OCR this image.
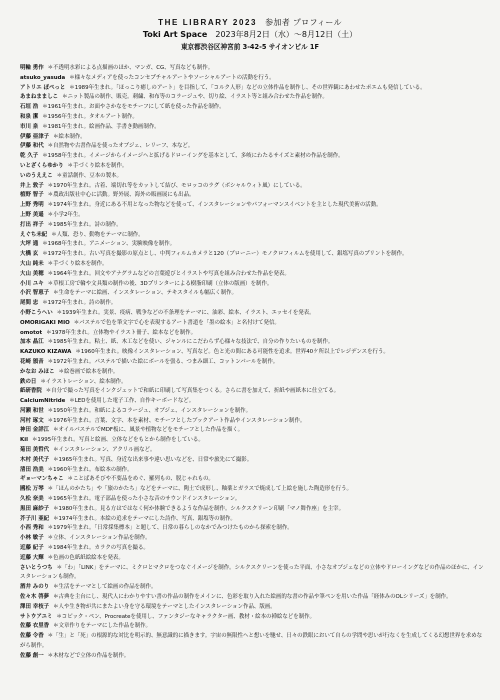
THE LIBRARY 2023 参加者 プロフィール
Toki Art Space 2023年8月2日（水）〜8月12日（土）
東京都渋谷区神宮前 3-42-5 サイオンビル 1F
明輪 勇作 ＊不透明水彩による点描画のほか、マンガ、CG、写真なども制作。
atsuko_yasuda ＊様々なメディアを使ったコンセプチャルアートやソーシャルアートの活動を行う。
アトリエ ぽぺっと ＊1989年生まれ。「ほっこり癒しのアート」を目指して、「コルク人形」などの立体作品を制作し、その世界観にあわせたポエムも発信している。
あまねまましこ ＊ニット製品の制作、販売。刺繍、和布等のコラージュや、切り絵、イラスト等と組み合わせた作品を制作。
石垣 浩 ＊1961年生まれ。お面やさかなをモチーフにして紙を使った作品を制作。
和泉 潔 ＊1956年生まれ。タオルアート制作。
市川 泉 ＊1981年生まれ。絵画作品、手書き動画制作。
伊藤 亜津子 ＊絵本制作。
伊藤 和代 ＊自然物や古書作品を使ったオブジェ、レリーフ、本など。
乾 久子 ＊1958年生まれ。イメージからイメージへと拡げるドローイングを基本として、多岐にわたるサイズと素材の作品を制作。
いとざくらゆかり ＊手づくり絵本を制作。
いのうええこ ＊童話創作、豆本の製本。
井上 敦子 ＊1970年生まれ。古着、端切れ等をカットして結び、モロッコのラグ（ボシャルウィト風）にしている。
植野 智子 ＊農政出版社中心に活動。野外展、海外の販画展にも出品。
上野 秀明 ＊1974年生まれ。身近にある不用となった物などを使って、インスタレーションやパフォーマンスイベントを主とした現代美術の活動。
上野 美遥 ＊小学2年生。
打出 祥子 ＊1985年生まれ。詩の制作。
えぐち未紀 ＊人類、恐り、動物をテーマに制作。
大坪 通 ＊1968年生まれ。アニメーション、実験映像を制作。
大橋 玄 ＊1972年生まれ。古い写真を撮影の原点とし、中判フィルムカメラと120（ブローニー）モノクロフィルムを使用して、銀塩写真のプリントを制作。
大山 純未 ＊手づくり絵本を制作。
大山 美穂 ＊1964年生まれ。回文やアナグラムなどの言葉遊びとイラストや写真を組み合わせた作品を発表。
小川 ユキ ＊草根工房で輪や文具類の制作の後、3Dプリンターによる樹脂印刷（立体の版画）を制作。
小沢 智恵子 ＊生命をテーマに絵画、インスタレーション、テキスタイルも幅広く制作。
尾間 忠 ＊1972年生まれ。詩の制作。
小野こうへい ＊1939年生まれ。実景、疫病、戦争などの不条理をテーマに、油彩、絵本、イラスト、エッセイを発表。
OMORIGAKI MIO ＊パステルで色を筆文字で心を表現するアート書道を「墨の絵本」と名付けて発信。
omotot ＊1978年生まれ。立体物やイラスト冊子、絵本などを制作。
加本 晶江 ＊1985年生まれ。粘土、紙、木工などを使い、ジャンルにこだわらず心様々な技法で、自分の作りたいものを制作。
KAZUKO KIZAWA ＊1960年生まれ。映像インスタレーション、写真など。色と光の間にある可能性を追求。世界40ケ所以上でレジデンスを行う。
花崎 頒音 ＊1972年生まれ。パステルで描いた絵にボールを張る、つまみ細工、コットンパールを制作。
かなお みほこ ＊絵巻画で絵本を制作。
鉄の日 ＊イラストレーション、絵本制作。
紙研香院 ＊自分で撮った写真をインクジェットで和紙に印刷して写真集をつくる。さらに書を加えて、折紙や画紙本に仕立てる。
CalciumNitride ＊LEDを使用した電子工作、自作キーボードなど。
河瀬 和世 ＊1950年生まれ。和紙によるコラージュ、オブジェ、インスタレーションを制作。
河村 琢文 ＊1976年生まれ。言葉、文字、本を素材、モチーフとしたブックアート作品やインスタレーション制作。
神田 金詳江 ＊オイルパステルでMDF板に、風景や植物などをモチーフとした作品を描く。
Kil ＊1995年生まれ。写真と絵画、立体などをもとから制作をしている。
菊田 美哲代 ＊インスタレーション、アクリル画など。
木村 美代子 ＊1965年生まれ。写真、身近な出来事や違い思いなどを、日常や旅先にて撮影。
清田 浩美 ＊1960年生まれ。布絵本の制作。
ギョーマンちゃこ ＊ことばあそびや不要品をめぐ、羅列もの、脱じゃれもの。
國松 万琴 ＊「ほんのかたち」や「旅のかたち」などをテーマに、陶土で成形し、釉薬とガラスで焼成して上絵を施した陶造形を行う。
久松 奈美 ＊1965年生まれ。電子部品を使った小さな音のサウンドインスタレーション。
黒田 麻紗子 ＊1980年生まれ。見る方はではなく何か体験できるような作品を制作。シルクスクリーン印刷「マノ舞作座」を主宰。
芥子川 亜紀 ＊1974年生まれ。本絵の追求をテーマにした詩作、写真、銀塩等の制作。
小西 秀和 ＊1979年生まれ。「日常採集標本」と題して、日常の暮らしのなかでみつけたものから探索を制作。
小林 敏子 ＊立体、インスタレーション作品を制作。
近藤 紀子 ＊1984年生まれ。カラクの写真を撮る。
近藤 大輝 ＊色画の色紙紙絵絵本を発表。
さいとうつち ＊「わ」「LINK」をテーマに、ミクロとマクロをつなぐイメージを制作。シルクスクリーンを使った平面、小さなオブジェなどの立体やドローイングなどの作品のほかに、インスタレーションも制作。
酒井 みのり ＊生活をテーマとして絵画の作品を制作。
佐々木 啓夢 ＊古典を主台にし、現代人にわかりやすい書の作品の制作をメインに、色彩を取り入れた絵画的な書の作品や筆ペンを用いた作品「経体みのOLシリーズ」を制作。
澤田 幸枝子 ＊人や生き物が共にまたよい身を守る環境をテーマとしたインスタレーション作品、版画。
サトウアユミ ＊コピック・ペン、Procreateを使用し、ファンタジーなキャラクター画、教材・絵本の挿絵などを制作。
佐藤 衣里香 ＊文章作りをテーマにした作品を制作。
佐藤 令香 ＊「生」と「死」の根源的な対比を明示的、無意識的に描きます。宇宙の無限性へと想いを馳せ、日々の鉄眼において自らの学問や思いが行なくを生成してくる幻想世界を求めながら制作。
佐藤 創一 ＊木材などで立体の作品を制作。
